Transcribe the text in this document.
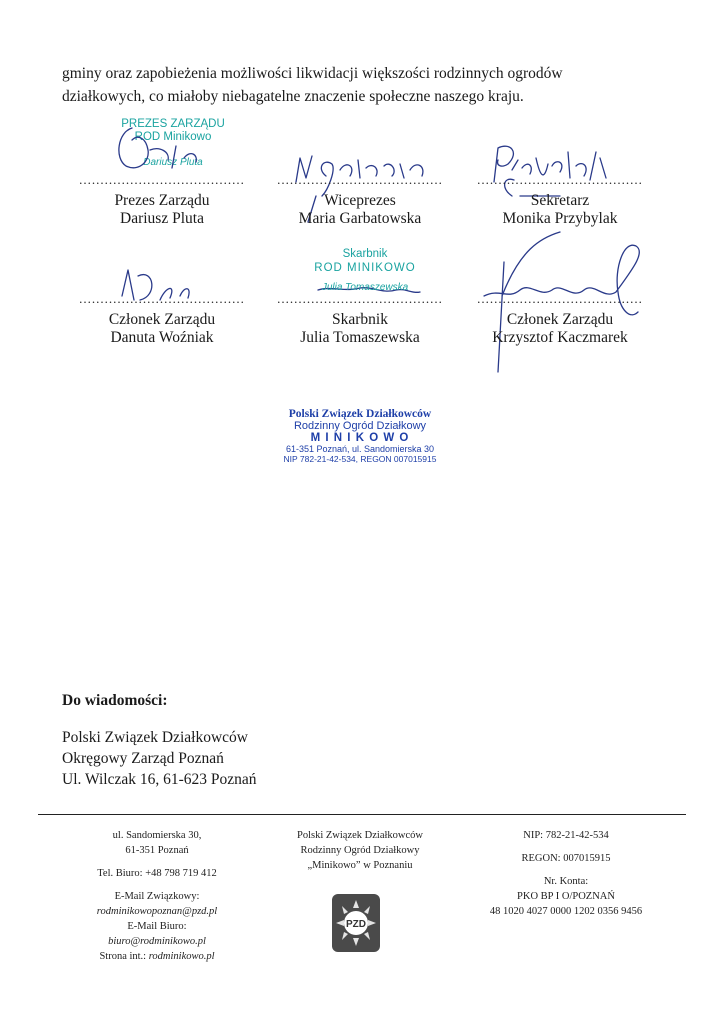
gminy oraz zapobieżenia możliwości likwidacji większości rodzinnych ogrodów
działkowych, co miałoby niebagatelne znaczenie społeczne naszego kraju.
PREZES ZARZĄDU
ROD Minikowo
Dariusz Pluta
.......................................
Prezes Zarządu
Dariusz Pluta
.......................................
Wiceprezes
Maria Garbatowska
.......................................
Sekretarz
Monika Przybylak
Skarbnik
ROD MINIKOWO
Julia Tomaszewska
.......................................
Członek Zarządu
Danuta Woźniak
.......................................
Skarbnik
Julia Tomaszewska
.......................................
Członek Zarządu
Krzysztof Kaczmarek
Polski Związek Działkowców
Rodzinny Ogród Działkowy
M I N I K O W O
61-351 Poznań, ul. Sandomierska 30
NIP 782-21-42-534, REGON 007015915
Do wiadomości:
Polski Związek Działkowców
Okręgowy Zarząd Poznań
Ul. Wilczak 16, 61-623 Poznań
ul. Sandomierska 30,
61-351 Poznań
Tel. Biuro: +48 798 719 412
E-Mail Związkowy:
rodminikowopoznan@pzd.pl
E-Mail Biuro:
biuro@rodminikowo.pl
Strona int.: rodminikowo.pl
Polski Związek Działkowców
Rodzinny Ogród Działkowy
„Minikowo” w Poznaniu
PZD
NIP: 782-21-42-534
REGON: 007015915
Nr. Konta:
PKO BP I O/POZNAŃ
48 1020 4027 0000 1202 0356 9456
